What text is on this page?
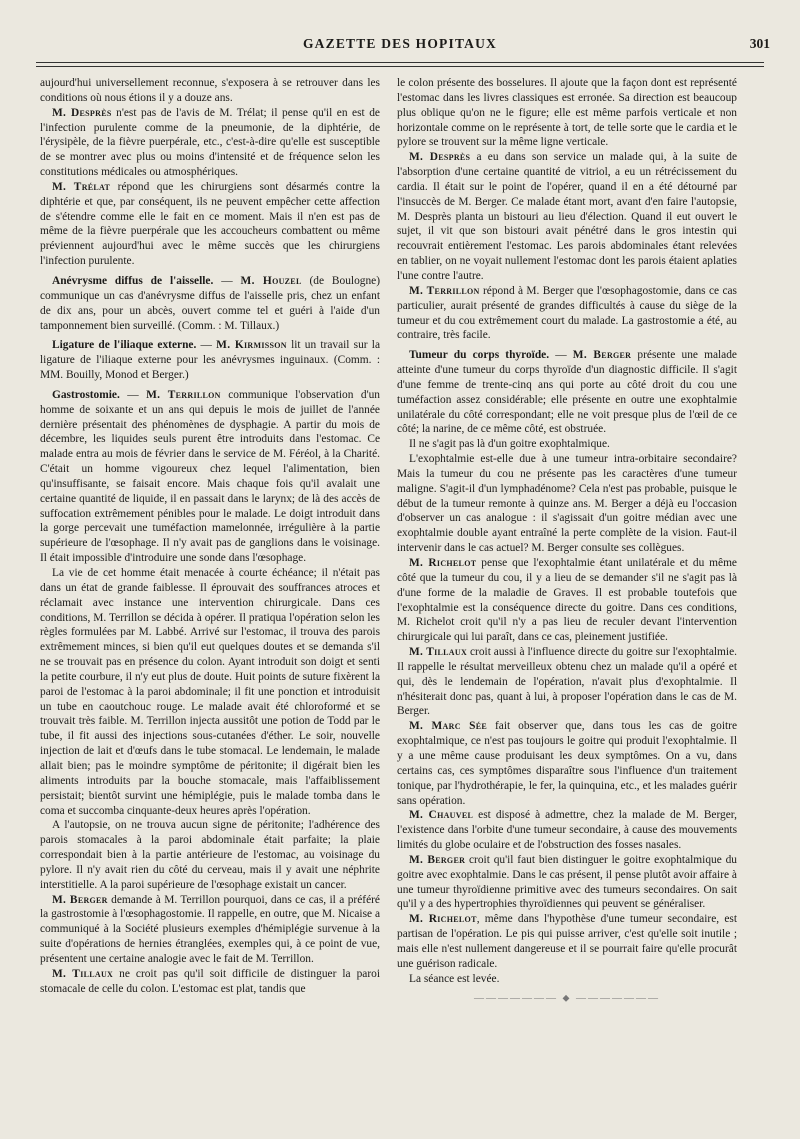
GAZETTE DES HOPITAUX	301

aujourd'hui universellement reconnue, s'exposera à se retrouver dans les conditions où nous étions il y a douze ans.

M. Desprès n'est pas de l'avis de M. Trélat; il pense qu'il en est de l'infection purulente comme de la pneumonie, de la diphtérie, de l'érysipèle, de la fièvre puerpérale, etc., c'est-à-dire qu'elle est susceptible de se montrer avec plus ou moins d'intensité et de fréquence selon les constitutions médicales ou atmosphériques.

M. Trélat répond que les chirurgiens sont désarmés contre la diphtérie et que, par conséquent, ils ne peuvent empêcher cette affection de s'étendre comme elle le fait en ce moment. Mais il n'en est pas de même de la fièvre puerpérale que les accoucheurs combattent ou même préviennent aujourd'hui avec le même succès que les chirurgiens l'infection purulente.

Anévrysme diffus de l'aisselle. — M. Houzel (de Boulogne) communique un cas d'anévrysme diffus de l'aisselle pris, chez un enfant de dix ans, pour un abcès, ouvert comme tel et guéri à l'aide d'un tamponnement bien surveillé. (Comm. : M. Tillaux.)

Ligature de l'iliaque externe. — M. Kirmisson lit un travail sur la ligature de l'iliaque externe pour les anévrysmes inguinaux. (Comm. : MM. Bouilly, Monod et Berger.)

Gastrostomie. — M. Terrillon communique l'observation d'un homme de soixante et un ans qui depuis le mois de juillet de l'année dernière présentait des phénomènes de dysphagie. A partir du mois de décembre, les liquides seuls purent être introduits dans l'estomac. Ce malade entra au mois de février dans le service de M. Féréol, à la Charité. C'était un homme vigoureux chez lequel l'alimentation, bien qu'insuffisante, se faisait encore. Mais chaque fois qu'il avalait une certaine quantité de liquide, il en passait dans le larynx; de là des accès de suffocation extrêmement pénibles pour le malade. Le doigt introduit dans la gorge percevait une tuméfaction mamelonnée, irrégulière à la partie supérieure de l'œsophage. Il n'y avait pas de ganglions dans le voisinage. Il était impossible d'introduire une sonde dans l'œsophage.

La vie de cet homme était menacée à courte échéance; il n'était pas dans un état de grande faiblesse. Il éprouvait des souffrances atroces et réclamait avec instance une intervention chirurgicale. Dans ces conditions, M. Terrillon se décida à opérer. Il pratiqua l'opération selon les règles formulées par M. Labbé. Arrivé sur l'estomac, il trouva des parois extrêmement minces, si bien qu'il eut quelques doutes et se demanda s'il ne se trouvait pas en présence du colon. Ayant introduit son doigt et senti la petite courbure, il n'y eut plus de doute. Huit points de suture fixèrent la paroi de l'estomac à la paroi abdominale; il fit une ponction et introduisit un tube en caoutchouc rouge. Le malade avait été chloroformé et se trouvait très faible. M. Terrillon injecta aussitôt une potion de Todd par le tube, il fit aussi des injections sous-cutanées d'éther. Le soir, nouvelle injection de lait et d'œufs dans le tube stomacal. Le lendemain, le malade allait bien; pas le moindre symptôme de péritonite; il digérait bien les aliments introduits par la bouche stomacale, mais l'affaiblissement persistait; bientôt survint une hémiplégie, puis le malade tomba dans le coma et succomba cinquante-deux heures après l'opération.

A l'autopsie, on ne trouva aucun signe de péritonite; l'adhérence des parois stomacales à la paroi abdominale était parfaite; la plaie correspondait bien à la partie antérieure de l'estomac, au voisinage du pylore. Il n'y avait rien du côté du cerveau, mais il y avait une néphrite interstitielle. A la paroi supérieure de l'œsophage existait un cancer.

M. Berger demande à M. Terrillon pourquoi, dans ce cas, il a préféré la gastrostomie à l'œsophagostomie. Il rappelle, en outre, que M. Nicaise a communiqué à la Société plusieurs exemples d'hémiplégie survenue à la suite d'opérations de hernies étranglées, exemples qui, à ce point de vue, présentent une certaine analogie avec le fait de M. Terrillon.

M. Tillaux ne croit pas qu'il soit difficile de distinguer la paroi stomacale de celle du colon. L'estomac est plat, tandis que

le colon présente des bosselures. Il ajoute que la façon dont est représenté l'estomac dans les livres classiques est erronée. Sa direction est beaucoup plus oblique qu'on ne le figure; elle est même parfois verticale et non horizontale comme on le représente à tort, de telle sorte que le cardia et le pylore se trouvent sur la même ligne verticale.

M. Desprès a eu dans son service un malade qui, à la suite de l'absorption d'une certaine quantité de vitriol, a eu un rétrécissement du cardia. Il était sur le point de l'opérer, quand il en a été détourné par l'insuccès de M. Berger. Ce malade étant mort, avant d'en faire l'autopsie, M. Desprès planta un bistouri au lieu d'élection. Quand il eut ouvert le sujet, il vit que son bistouri avait pénétré dans le gros intestin qui recouvrait entièrement l'estomac. Les parois abdominales étant relevées en tablier, on ne voyait nullement l'estomac dont les parois étaient aplaties l'une contre l'autre.

M. Terrillon répond à M. Berger que l'œsophagostomie, dans ce cas particulier, aurait présenté de grandes difficultés à cause du siège de la tumeur et du cou extrêmement court du malade. La gastrostomie a été, au contraire, très facile.

Tumeur du corps thyroïde. — M. Berger présente une malade atteinte d'une tumeur du corps thyroïde d'un diagnostic difficile. Il s'agit d'une femme de trente-cinq ans qui porte au côté droit du cou une tuméfaction assez considérable; elle présente en outre une exophtalmie unilatérale du côté correspondant; elle ne voit presque plus de l'œil de ce côté; la narine, de ce même côté, est obstruée.

Il ne s'agit pas là d'un goitre exophtalmique.

L'exophtalmie est-elle due à une tumeur intra-orbitaire secondaire? Mais la tumeur du cou ne présente pas les caractères d'une tumeur maligne. S'agit-il d'un lymphadénome? Cela n'est pas probable, puisque le début de la tumeur remonte à quinze ans. M. Berger a déjà eu l'occasion d'observer un cas analogue : il s'agissait d'un goitre médian avec une exophtalmie double ayant entraîné la perte complète de la vision. Faut-il intervenir dans le cas actuel? M. Berger consulte ses collègues.

M. Richelot pense que l'exophtalmie étant unilatérale et du même côté que la tumeur du cou, il y a lieu de se demander s'il ne s'agit pas là d'une forme de la maladie de Graves. Il est probable toutefois que l'exophtalmie est la conséquence directe du goitre. Dans ces conditions, M. Richelot croit qu'il n'y a pas lieu de reculer devant l'intervention chirurgicale qui lui paraît, dans ce cas, pleinement justifiée.

M. Tillaux croit aussi à l'influence directe du goitre sur l'exophtalmie. Il rappelle le résultat merveilleux obtenu chez un malade qu'il a opéré et qui, dès le lendemain de l'opération, n'avait plus d'exophtalmie. Il n'hésiterait donc pas, quant à lui, à proposer l'opération dans le cas de M. Berger.

M. Marc Sée fait observer que, dans tous les cas de goitre exophtalmique, ce n'est pas toujours le goitre qui produit l'exophtalmie. Il y a une même cause produisant les deux symptômes. On a vu, dans certains cas, ces symptômes disparaître sous l'influence d'un traitement tonique, par l'hydrothérapie, le fer, la quinquina, etc., et les malades guérir sans opération.

M. Chauvel est disposé à admettre, chez la malade de M. Berger, l'existence dans l'orbite d'une tumeur secondaire, à cause des mouvements limités du globe oculaire et de l'obstruction des fosses nasales.

M. Berger croit qu'il faut bien distinguer le goitre exophtalmique du goitre avec exophtalmie. Dans le cas présent, il pense plutôt avoir affaire à une tumeur thyroïdienne primitive avec des tumeurs secondaires. On sait qu'il y a des hypertrophies thyroïdiennes qui peuvent se généraliser.

M. Richelot, même dans l'hypothèse d'une tumeur secondaire, est partisan de l'opération. Le pis qui puisse arriver, c'est qu'elle soit inutile ; mais elle n'est nullement dangereuse et il se pourrait faire qu'elle procurât une guérison radicale.

La séance est levée.

——————— ⬥ ———————
